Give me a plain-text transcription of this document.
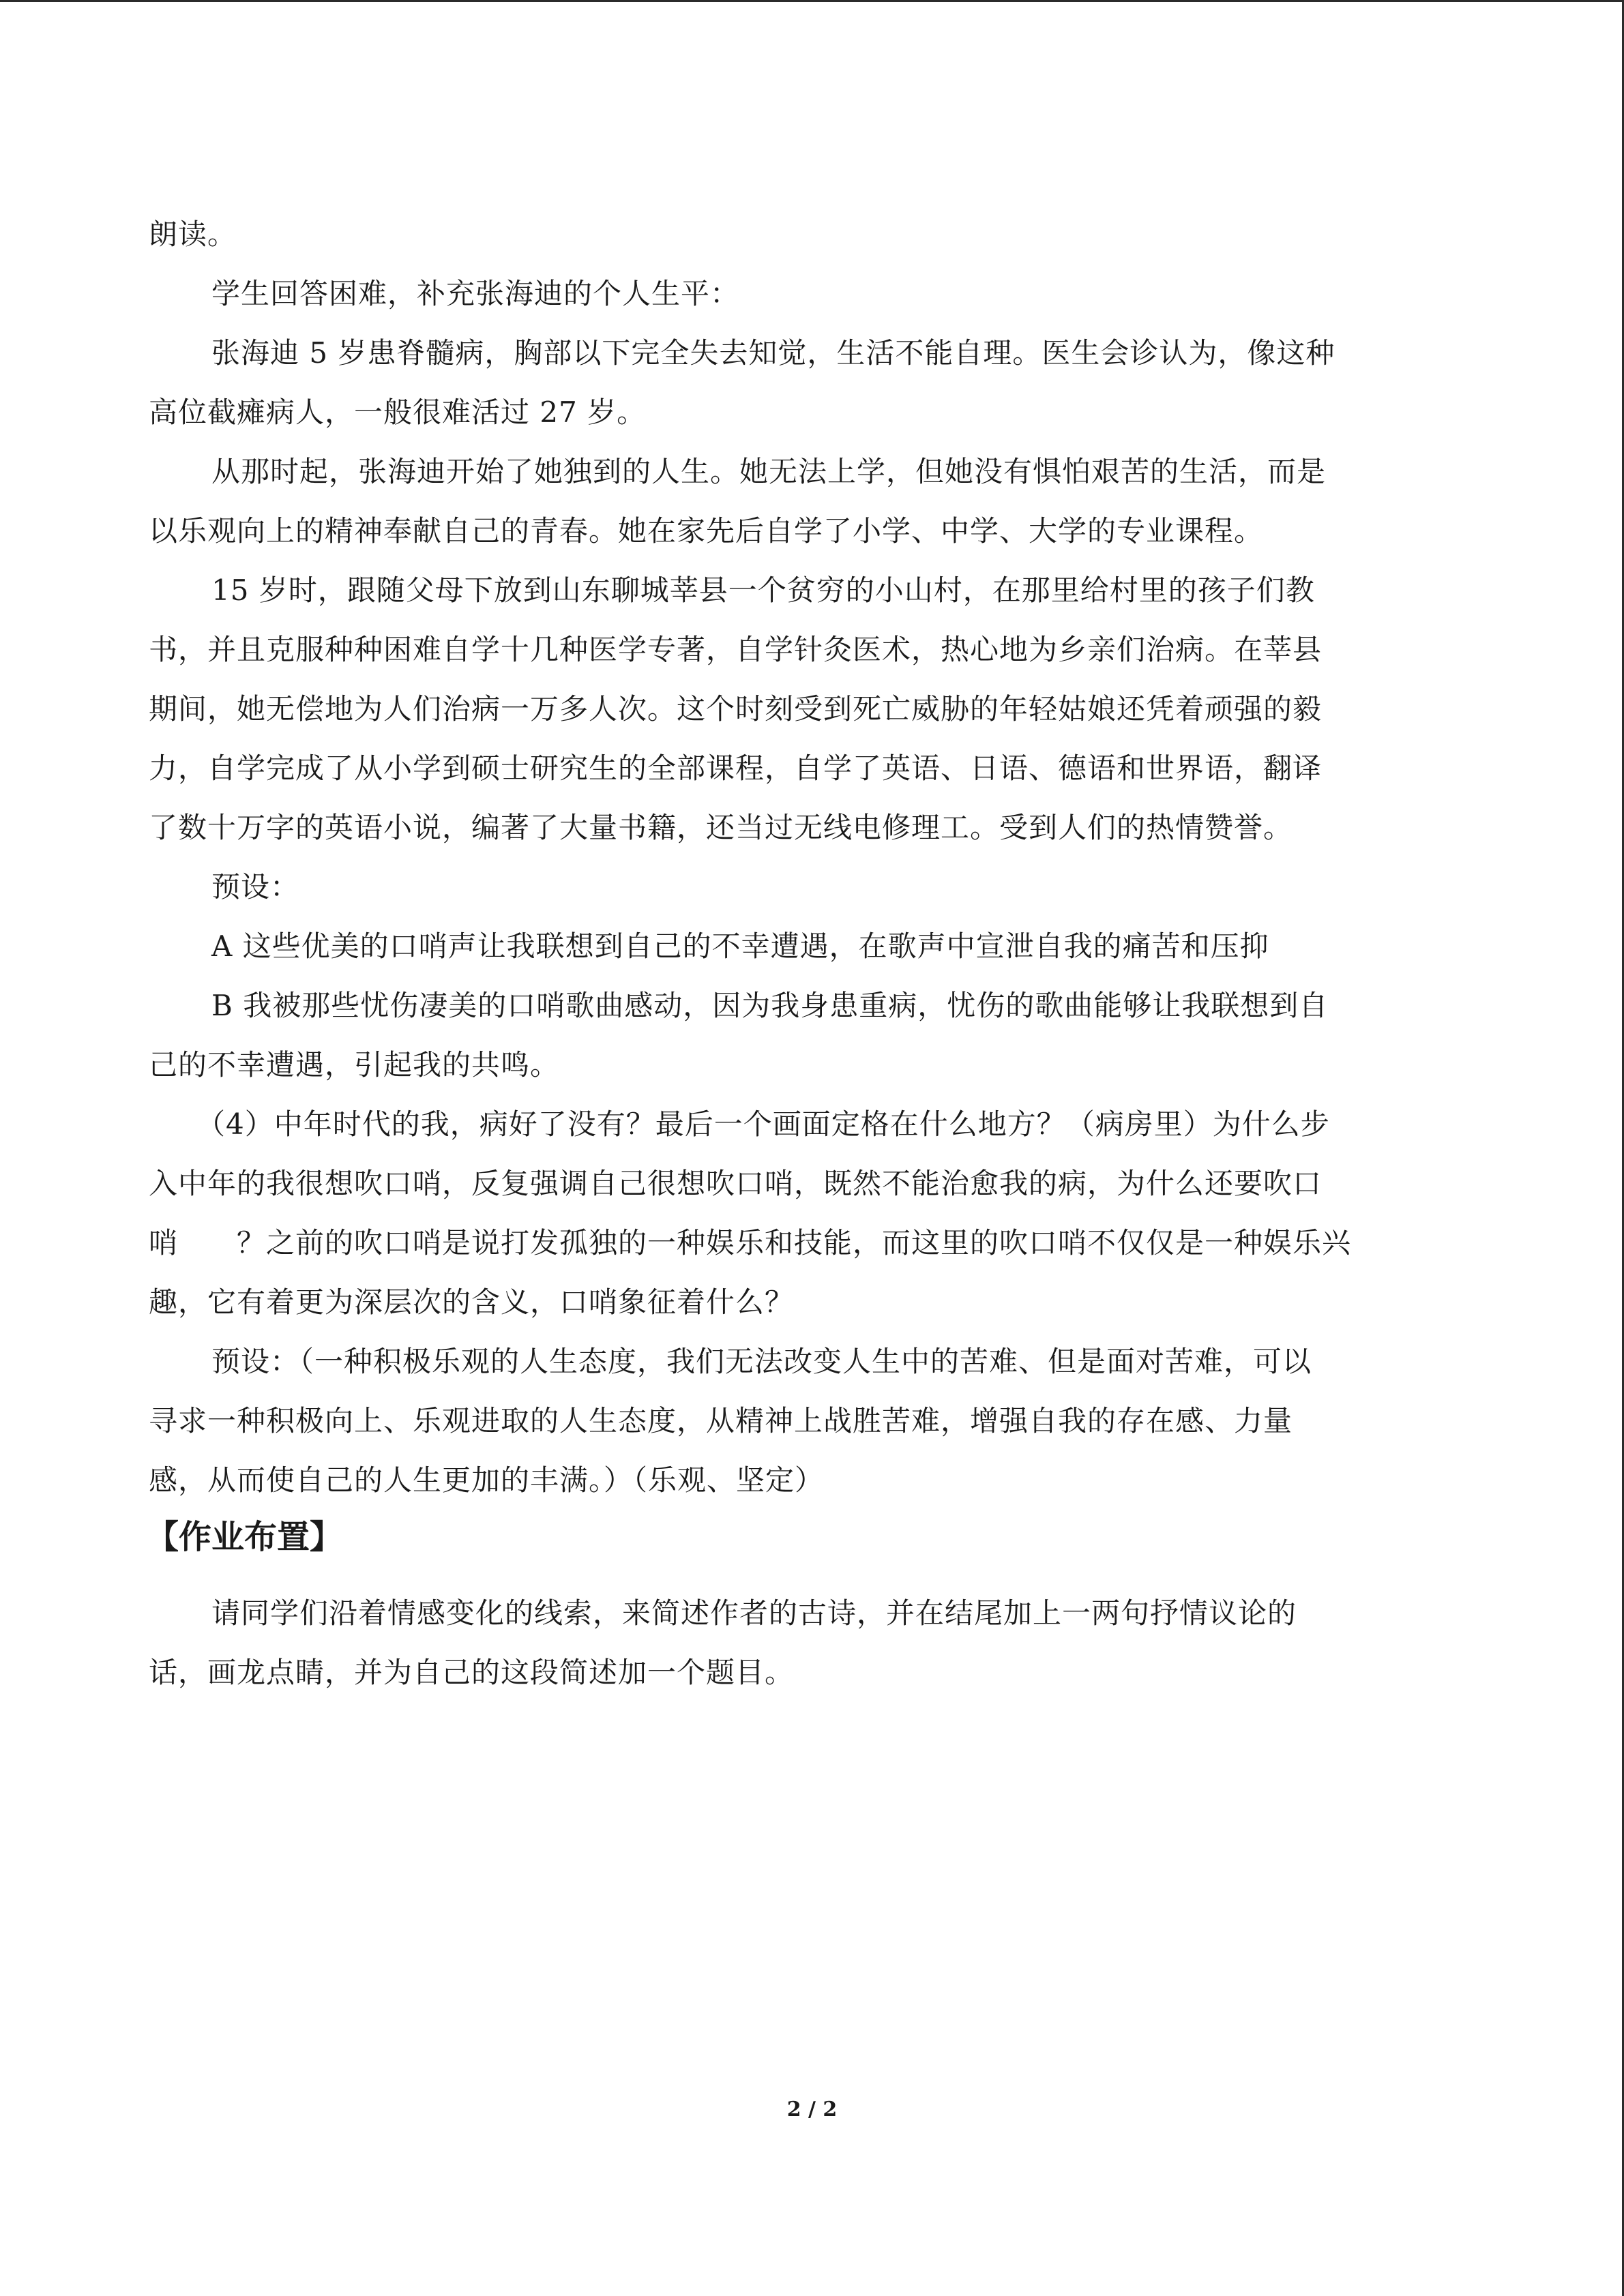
朗读。

学生回答困难，补充张海迪的个人生平：

张海迪 5 岁患脊髓病，胸部以下完全失去知觉，生活不能自理。医生会诊认为，像这种
高位截瘫病人，一般很难活过 27 岁。

从那时起，张海迪开始了她独到的人生。她无法上学，但她没有惧怕艰苦的生活，而是
以乐观向上的精神奉献自己的青春。她在家先后自学了小学、中学、大学的专业课程。

15 岁时，跟随父母下放到山东聊城莘县一个贫穷的小山村，在那里给村里的孩子们教
书，并且克服种种困难自学十几种医学专著，自学针灸医术，热心地为乡亲们治病。在莘县
期间，她无偿地为人们治病一万多人次。这个时刻受到死亡威胁的年轻姑娘还凭着顽强的毅
力，自学完成了从小学到硕士研究生的全部课程，自学了英语、日语、德语和世界语，翻译
了数十万字的英语小说，编著了大量书籍，还当过无线电修理工。受到人们的热情赞誉。

预设：

A 这些优美的口哨声让我联想到自己的不幸遭遇，在歌声中宣泄自我的痛苦和压抑

B 我被那些忧伤凄美的口哨歌曲感动，因为我身患重病，忧伤的歌曲能够让我联想到自
己的不幸遭遇，引起我的共鸣。

（4）中年时代的我，病好了没有？最后一个画面定格在什么地方？（病房里）为什么步
入中年的我很想吹口哨，反复强调自己很想吹口哨，既然不能治愈我的病，为什么还要吹口
哨　　？之前的吹口哨是说打发孤独的一种娱乐和技能，而这里的吹口哨不仅仅是一种娱乐兴
趣，它有着更为深层次的含义，口哨象征着什么？

预设：（一种积极乐观的人生态度，我们无法改变人生中的苦难、但是面对苦难，可以
寻求一种积极向上、乐观进取的人生态度，从精神上战胜苦难，增强自我的存在感、力量
感，从而使自己的人生更加的丰满。）（乐观、坚定）

【作业布置】

请同学们沿着情感变化的线索，来简述作者的古诗，并在结尾加上一两句抒情议论的
话，画龙点睛，并为自己的这段简述加一个题目。

2 / 2
